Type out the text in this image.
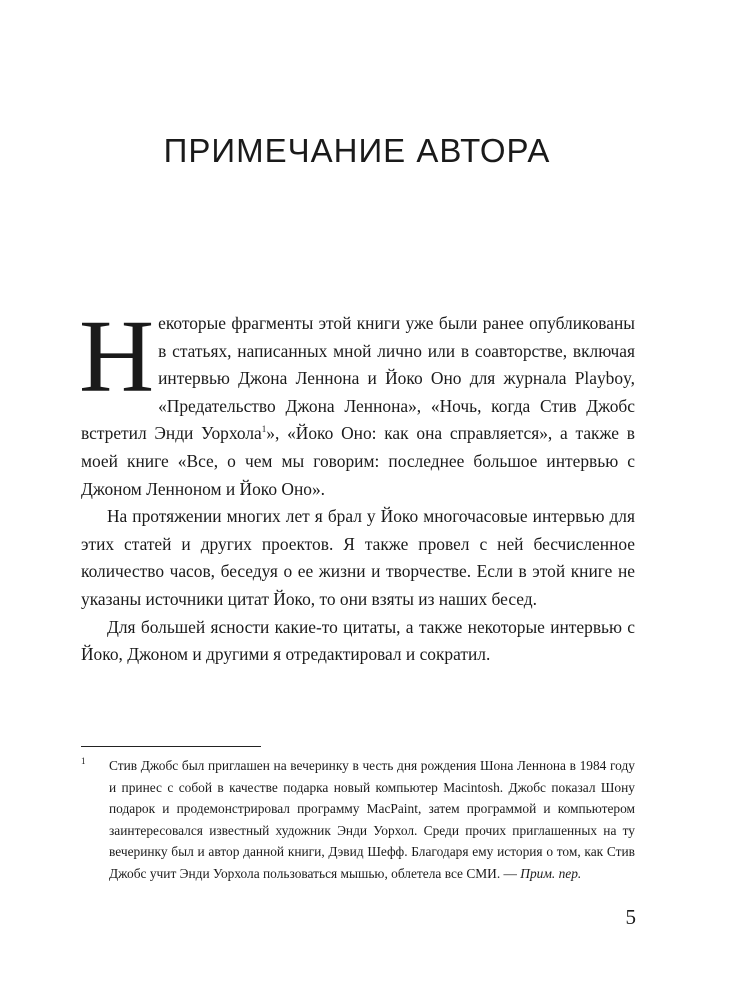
ПРИМЕЧАНИЕ АВТОРА

Некоторые фрагменты этой книги уже были ранее опубликованы в статьях, написанных мной лично или в соавторстве, включая интервью Джона Леннона и Йоко Оно для журнала Playboy, «Предательство Джона Леннона», «Ночь, когда Стив Джобс встретил Энди Уорхола$^1$», «Йоко Оно: как она справляется», а также в моей книге «Все, о чем мы говорим: последнее большое интервью с Джоном Ленноном и Йоко Оно».

На протяжении многих лет я брал у Йоко многочасовые интервью для этих статей и других проектов. Я также провел с ней бесчисленное количество часов, беседуя о ее жизни и творчестве. Если в этой книге не указаны источники цитат Йоко, то они взяты из наших бесед.

Для большей ясности какие-то цитаты, а также некоторые интервью с Йоко, Джоном и другими я отредактировал и сократил.

1 Стив Джобс был приглашен на вечеринку в честь дня рождения Шона Леннона в 1984 году и принес с собой в качестве подарка новый компьютер Macintosh. Джобс показал Шону подарок и продемонстрировал программу MacPaint, затем программой и компьютером заинтересовался известный художник Энди Уорхол. Среди прочих приглашенных на ту вечеринку был и автор данной книги, Дэвид Шефф. Благодаря ему история о том, как Стив Джобс учит Энди Уорхола пользоваться мышью, облетела все СМИ. — Прим. пер.

5
